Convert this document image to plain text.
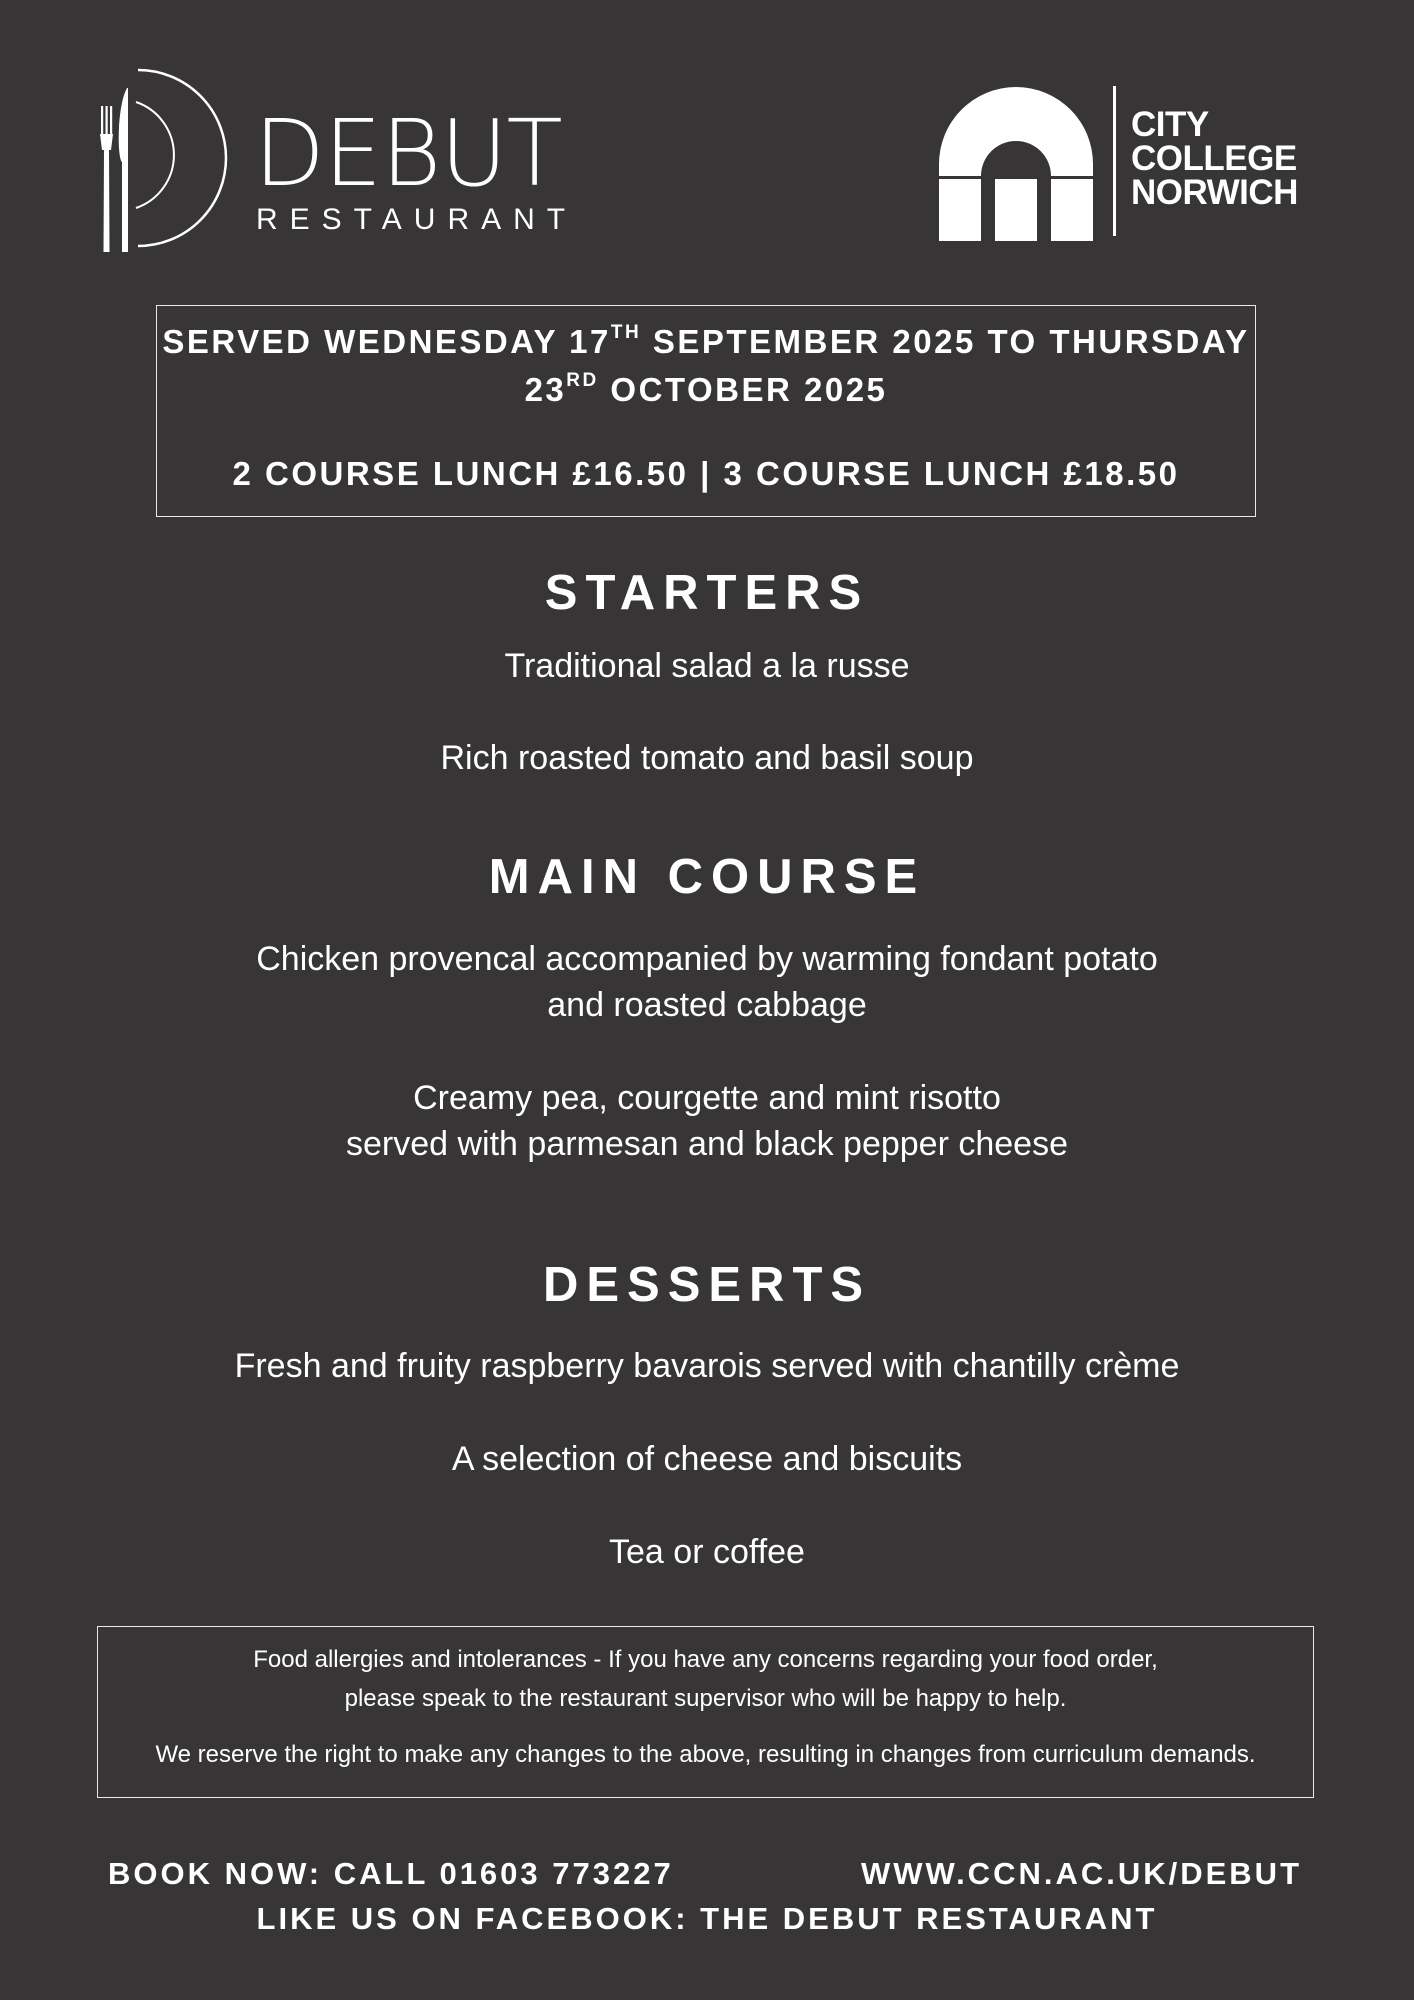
DEBUT
RESTAURANT
CITY
COLLEGE
NORWICH
SERVED WEDNESDAY 17TH SEPTEMBER 2025 TO THURSDAY
23RD OCTOBER 2025
2 COURSE LUNCH £16.50 | 3 COURSE LUNCH £18.50
STARTERS
Traditional salad a la russe
Rich roasted tomato and basil soup
MAIN COURSE
Chicken provencal accompanied by warming fondant potato
and roasted cabbage
Creamy pea, courgette and mint risotto
served with parmesan and black pepper cheese
DESSERTS
Fresh and fruity raspberry bavarois served with chantilly crème
A selection of cheese and biscuits
Tea or coffee
Food allergies and intolerances - If you have any concerns regarding your food order,
please speak to the restaurant supervisor who will be happy to help.
We reserve the right to make any changes to the above, resulting in changes from curriculum demands.
BOOK NOW: CALL 01603 773227	WWW.CCN.AC.UK/DEBUT
LIKE US ON FACEBOOK: THE DEBUT RESTAURANT
